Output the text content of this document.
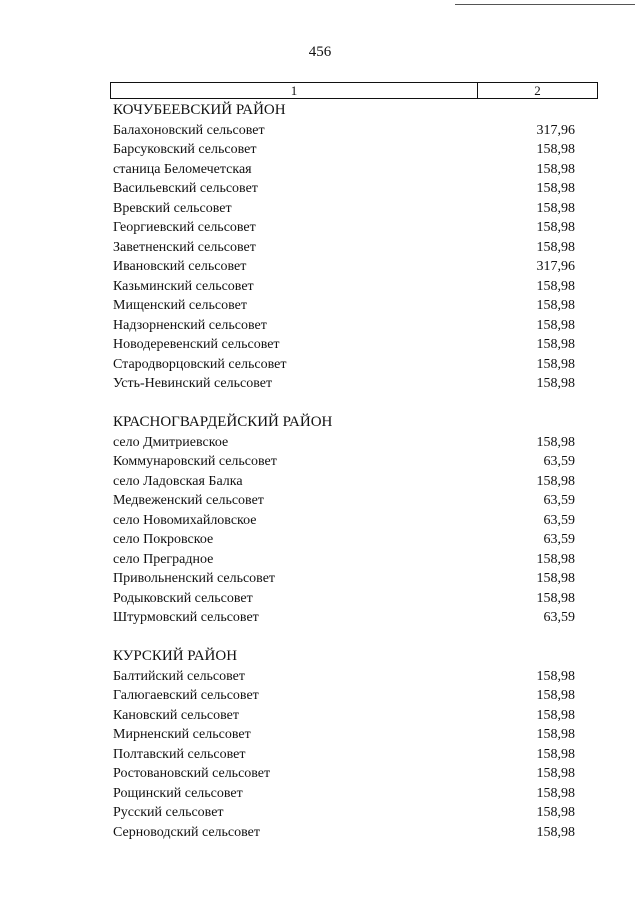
456
1	2
КОЧУБЕЕВСКИЙ РАЙОН
Балахоновский сельсовет	317,96
Барсуковский сельсовет	158,98
станица Беломечетская	158,98
Васильевский сельсовет	158,98
Вревский сельсовет	158,98
Георгиевский сельсовет	158,98
Заветненский сельсовет	158,98
Ивановский сельсовет	317,96
Казьминский сельсовет	158,98
Мищенский сельсовет	158,98
Надзорненский сельсовет	158,98
Новодеревенский сельсовет	158,98
Стародворцовский сельсовет	158,98
Усть-Невинский сельсовет	158,98
КРАСНОГВАРДЕЙСКИЙ РАЙОН
село Дмитриевское	158,98
Коммунаровский сельсовет	63,59
село Ладовская Балка	158,98
Медвеженский сельсовет	63,59
село Новомихайловское	63,59
село Покровское	63,59
село Преградное	158,98
Привольненский сельсовет	158,98
Родыковский сельсовет	158,98
Штурмовский сельсовет	63,59
КУРСКИЙ РАЙОН
Балтийский сельсовет	158,98
Галюгаевский сельсовет	158,98
Кановский сельсовет	158,98
Мирненский сельсовет	158,98
Полтавский сельсовет	158,98
Ростовановский сельсовет	158,98
Рощинский сельсовет	158,98
Русский сельсовет	158,98
Серноводский сельсовет	158,98
